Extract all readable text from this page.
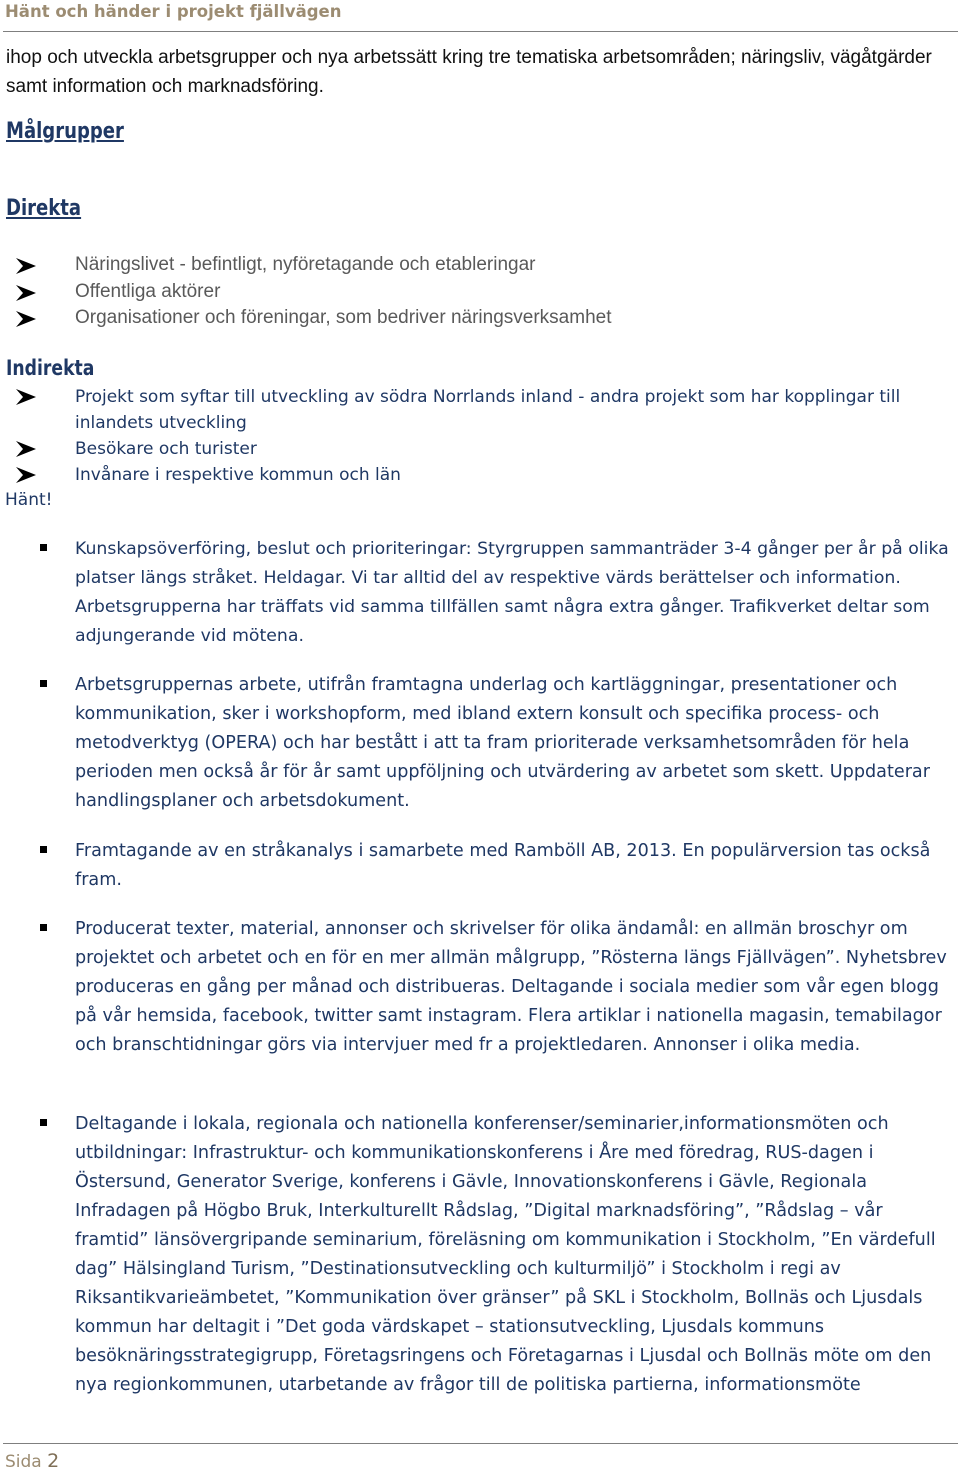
Hänt och händer i projekt fjällvägen
ihop och utveckla arbetsgrupper och nya arbetssätt kring tre tematiska arbetsområden; näringsliv, vägåtgärder samt information och marknadsföring.
Målgrupper
Direkta
Näringslivet - befintligt, nyföretagande och etableringar
Offentliga aktörer
Organisationer och föreningar, som bedriver näringsverksamhet
Indirekta
Projekt som syftar till utveckling av södra Norrlands inland - andra projekt som har kopplingar till inlandets utveckling
Besökare och turister
Invånare i respektive kommun och län
Hänt!
Kunskapsöverföring, beslut och prioriteringar: Styrgruppen sammanträder 3-4 gånger per år på olika platser längs stråket. Heldagar. Vi tar alltid del av respektive värds berättelser och information. Arbetsgrupperna har träffats vid samma tillfällen samt några extra gånger. Trafikverket deltar som adjungerande vid mötena.
Arbetsgruppernas arbete, utifrån framtagna underlag och kartläggningar, presentationer och kommunikation, sker i workshopform, med ibland extern konsult och specifika process- och metodverktyg (OPERA) och har bestått i att ta fram prioriterade verksamhetsområden för hela perioden men också år för år samt uppföljning och utvärdering av arbetet som skett. Uppdaterar handlingsplaner och arbetsdokument.
Framtagande av en stråkanalys i samarbete med Ramböll AB, 2013. En populärversion tas också fram.
Producerat texter, material, annonser och skrivelser för olika ändamål: en allmän broschyr om projektet och arbetet och en för en mer allmän målgrupp, ”Rösterna längs Fjällvägen”. Nyhetsbrev produceras en gång per månad och distribueras. Deltagande i sociala medier som vår egen blogg på vår hemsida, facebook, twitter samt instagram. Flera artiklar i nationella magasin, temabilagor och branschtidningar görs via intervjuer med fr a projektledaren. Annonser i olika media.
Deltagande i lokala, regionala och nationella konferenser/seminarier,informationsmöten och utbildningar: Infrastruktur- och kommunikationskonferens i Åre med föredrag, RUS-dagen i Östersund, Generator Sverige, konferens i Gävle, Innovationskonferens i Gävle, Regionala Infradagen på Högbo Bruk, Interkulturellt Rådslag, ”Digital marknadsföring”, ”Rådslag – vår framtid” länsövergripande seminarium, föreläsning om kommunikation i Stockholm, ”En värdefull dag” Hälsingland Turism, ”Destinationsutveckling och kulturmiljö” i Stockholm i regi av Riksantikvarieämbetet, ”Kommunikation över gränser” på SKL i Stockholm, Bollnäs och Ljusdals kommun har deltagit i ”Det goda värdskapet – stationsutveckling, Ljusdals kommuns besöknäringsstrategigrupp, Företagsringens och Företagarnas i Ljusdal och Bollnäs möte om den nya regionkommunen, utarbetande av frågor till de politiska partierna, informationsmöte
Sida 2
